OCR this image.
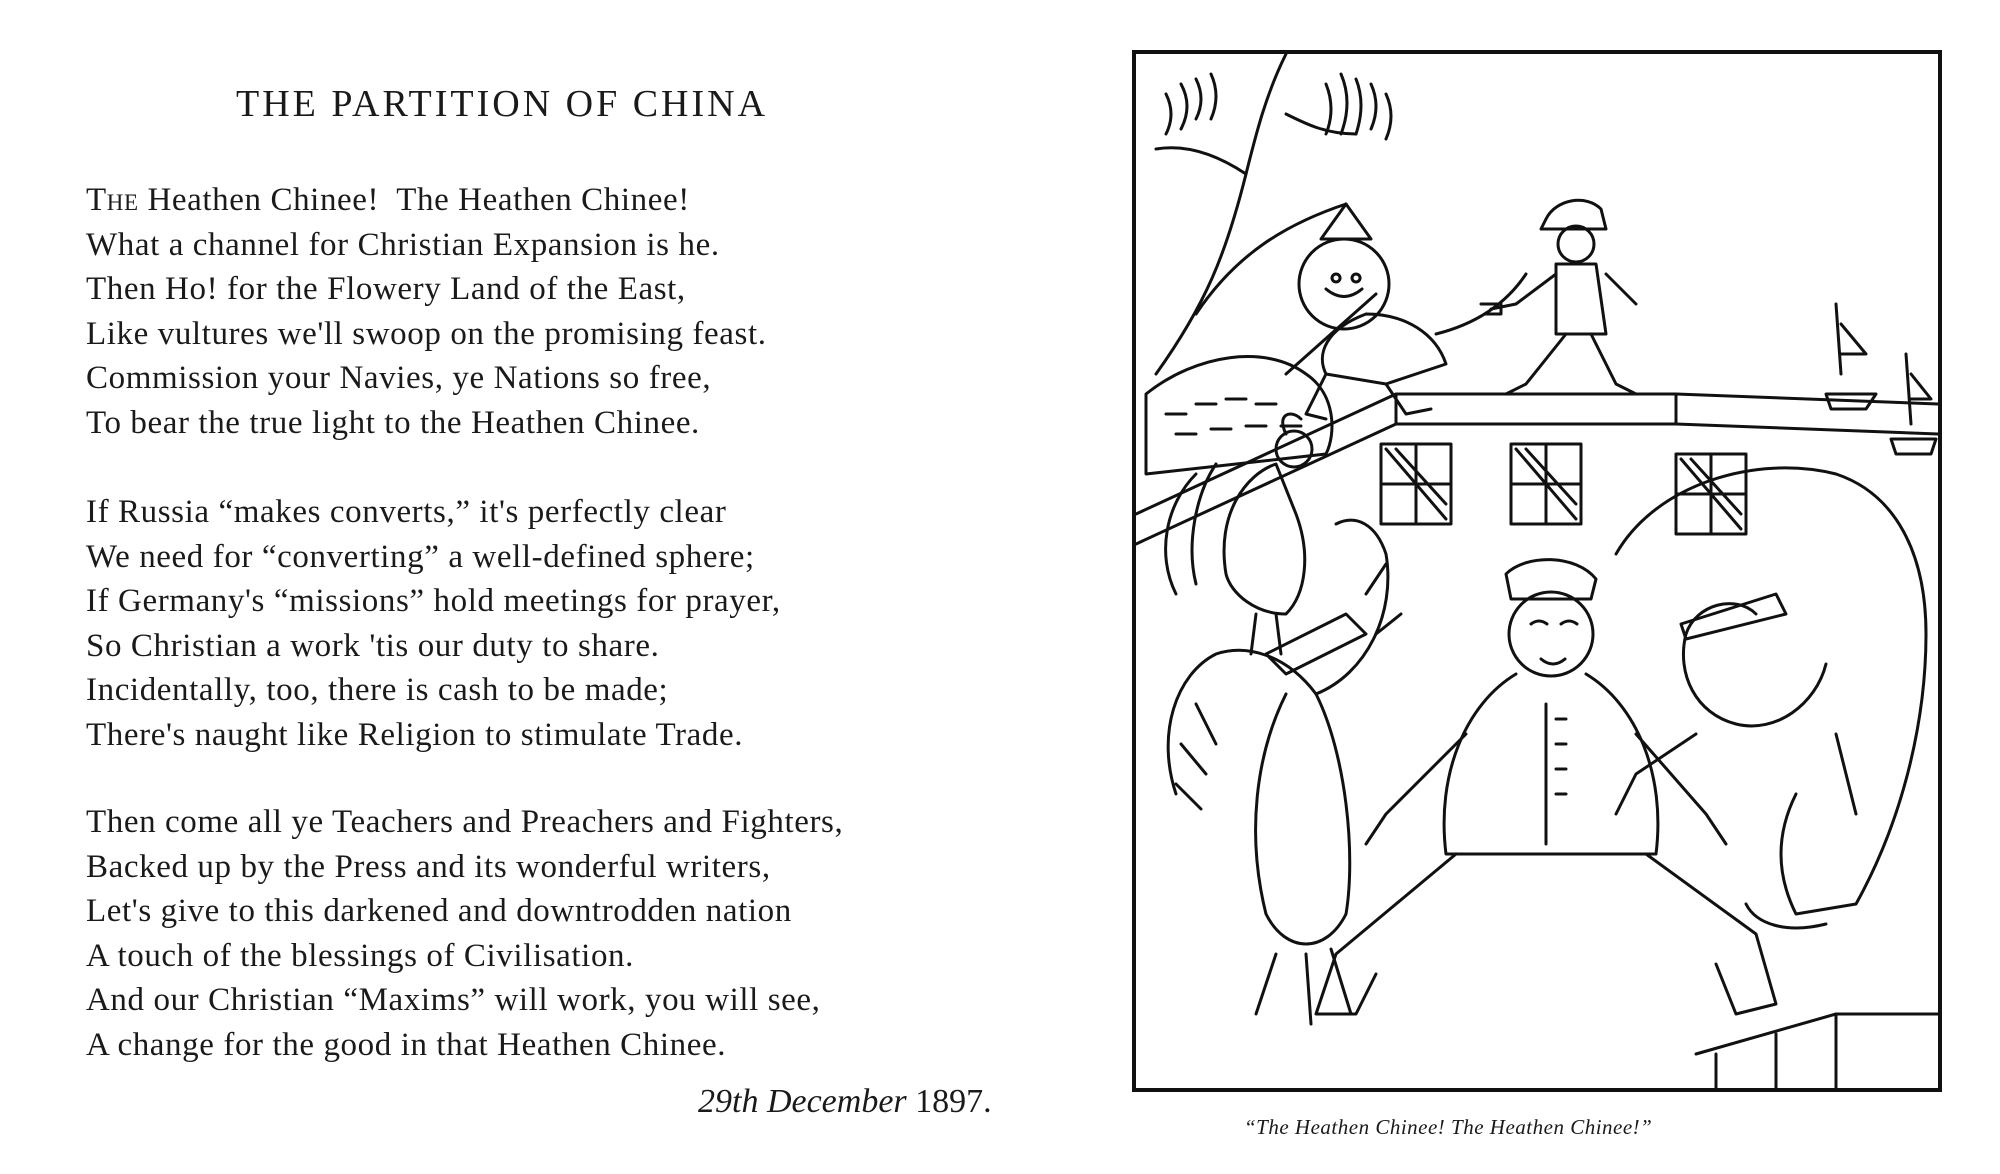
THE PARTITION OF CHINA
The Heathen Chinee!  The Heathen Chinee!
What a channel for Christian Expansion is he.
Then Ho! for the Flowery Land of the East,
Like vultures we'll swoop on the promising feast.
Commission your Navies, ye Nations so free,
To bear the true light to the Heathen Chinee.
If Russia “makes converts,” it's perfectly clear
We need for “converting” a well-defined sphere;
If Germany's “missions” hold meetings for prayer,
So Christian a work 'tis our duty to share.
Incidentally, too, there is cash to be made;
There's naught like Religion to stimulate Trade.
Then come all ye Teachers and Preachers and Fighters,
Backed up by the Press and its wonderful writers,
Let's give to this darkened and downtrodden nation
A touch of the blessings of Civilisation.
And our Christian “Maxims” will work, you will see,
A change for the good in that Heathen Chinee.
29th December 1897.
“The Heathen Chinee! The Heathen Chinee!”
